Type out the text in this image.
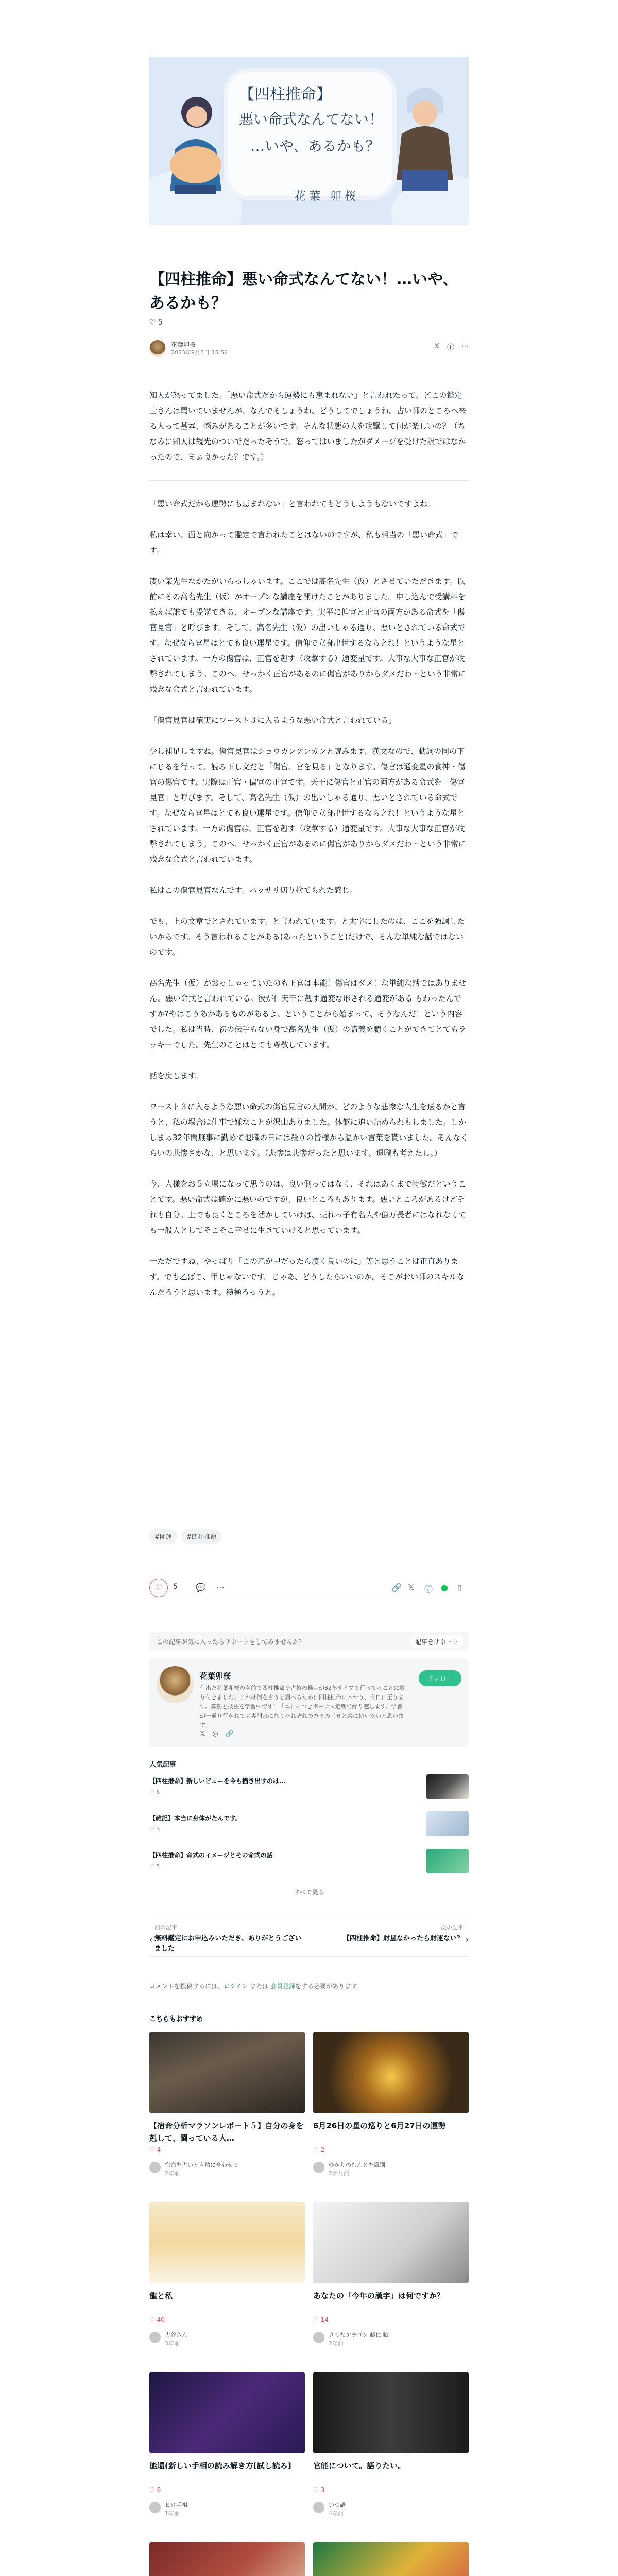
【四柱推命】
悪い命式なんてない！
…いや、あるかも？
花葉 卯桜
【四柱推命】悪い命式なんてない！…いや、あるかも？
♡ 5
花葉卯桜
2023年9月5日 15:52
𝕏 ⓕ ⋯

知人が怒ってました。「悪い命式だから運勢にも恵まれない」と言われたって。どこの鑑定士さんは聞いていませんが、なんでそしょうね、どうしてでしょうね。占い師のところへ来る人って基本、悩みがあることが多いです。そんな状態の人を攻撃して何が楽しいの？（ちなみに知人は観光のついでだったそうで、怒ってはいましたがダメージを受けた訳ではなかったので、まぁ良かった？です。）

「悪い命式だから運勢にも恵まれない」と言われてもどうしようもないですよね。

私は幸い、面と向かって鑑定で言われたことはないのですが、私も相当の「悪い命式」です。

凄い某先生なかたがいらっしゃいます。ここでは高名先生（仮）とさせていただきます。以前にその高名先生（仮）がオープンな講座を開けたことがありました。申し込んで受講料を払えば誰でも受講できる、オープンな講座です。実平に偏官と正官の両方がある命式を「傷官見官」と呼びます。そして、高名先生（仮）の出いしゃる通り、悪いとされている命式です。なぜなら官星はとても良い運星です。信仰で立身出世するなら之れ！というような星とされています。一方の傷官は、正官を剋す（攻撃する）通変星です。大事な大事な正官が攻撃されてしまう。このへ、せっかく正官があるのに傷官がありからダメだわ～という非常に残念な命式と言われています。

「傷官見官は確実にワースト３に入るような悪い命式と言われている」

少し補足しますね。傷官見官はショウカンケンカンと読みます。漢文なので、動詞の同の下にじるを行って、読み下し文だと「傷官、官を見る」となります。傷官は通変星の食神・傷官の傷官です。実際は正官・偏官の正官です。天干に傷官と正官の両方がある命式を「傷官見官」と呼びます。そして、高名先生（仮）の出いしゃる通り、悪いとされている命式です。なぜなら官星はとても良い運星です。信仰で立身出世するなら之れ！というような星とされています。一方の傷官は、正官を剋す（攻撃する）通変星です。大事な大事な正官が攻撃されてしまう。このへ、せっかく正官があるのに傷官がありからダメだわ～という非常に残念な命式と言われています。

私はこの傷官見官なんです。バッサリ切り捨てられた感じ。

でも、上の文章でとされています。と言われています。と太字にしたのは、ここを強調したいからです。そう言われることがある(あったということ)だけで、そんな単純な話ではないのです。

高名先生（仮）がおっしゃっていたのも正官は本能！傷官はダメ！な単純な話ではありません。悪い命式と言われている。彼が仁天干に剋す通変な形される通変がある もわったんですか?やはこうあかあるものがあるよ、ということから始まって、そうなんだ！という内容でした。私は当時、初の伝手もない身で高名先生（仮）の講義を聴くことができてとてもラッキーでした。先生のことはとても尊敬しています。

話を戻します。

ワースト３に入るような悪い命式の傷官見官の人間が、どのような悲惨な人生を送るかと言うと、私の場合は仕事で嫌なことが沢山ありました。体躯に追い詰められもしました。しかしまぁ32年間無事に勤めて退職の日には殺りの皆様から温かい言葉を貰いました。そんなくらいの悲惨さかな、と思います。（悲惨は悲惨だったと思います。退職も考えたし。）

今、人様をお５立場になって思うのは、良い側ってはなく、それはあくまで特徴だということです。悪い命式は確かに悪いのですが、良いところもあります。悪いところがあるけどそれも自分。上でも良くところを活かしていけば、売れっ子有名人や億万長者にはなれなくても一般人としてそこそこ幸せに生きていけると思っています。

一ただですね、やっぱり「この乙が甲だったら凄く良いのに」等と思うことは正直あります。でも乙ばこ、甲じゃないです。じゃあ、どうしたらいいのか。そこがおい師のスキルなんだろうと思います。積極ろっうと。

#開運	#四柱推命
♡	5 💬 ⋯	🔗 𝕏 ⓕ ● ▯
この記事が気に入ったらサポートをしてみませんか？	記事をサポート
花葉卯桜
仕出た花葉卯桜の名前で四柱推命や占術の鑑定が32年サイフで行ってることに取り付きました。これは何を占うと調べるために四柱推命にハマり、今日に至ります。算勘と技法を学習中です！「本」につきボーナス定期で繰り越します。学習が一通り行かれての専門家になりそれぞれの方々の幸せと共に使いたいと思います。
フォロー
𝕏 ◎ 🔗
人気記事
【四柱推命】新しいビューを今も描き出すのは…
♡ 6
【雑記】本当に身体がたんです。
♡ 3
【四柱推命】命式のイメージとその命式の話
♡ 5
すべて見る
‹
前の記事
無料鑑定にお申込みいただき、ありがとうございました
次の記事
【四柱推命】財星なかったら財運ない？ ›
コメントを投稿するには、ログイン または 会員登録をする必要があります。
こちらもおすすめ
【宿命分析マラソンレポート５】自分の身を剋して、闘っている人…
♡ 4
宿命を占いと自然に合わせる
2年前
6月26日の星の巡りと6月27日の運勢
♡ 2
ゆかりのむんとを識別－
2か月前
龍と私
♡ 40
大谷さん
3年前
あなたの「今年の漢字」は何ですか？
♡ 14
さうなアチコン 藤仁 賦
2年前
能還(新しい手相の読み解き方[試し読み]
♡ 6
ヒロ手相
1年前
官能について。語りたい。
♡ 3
いつ語
4年前
